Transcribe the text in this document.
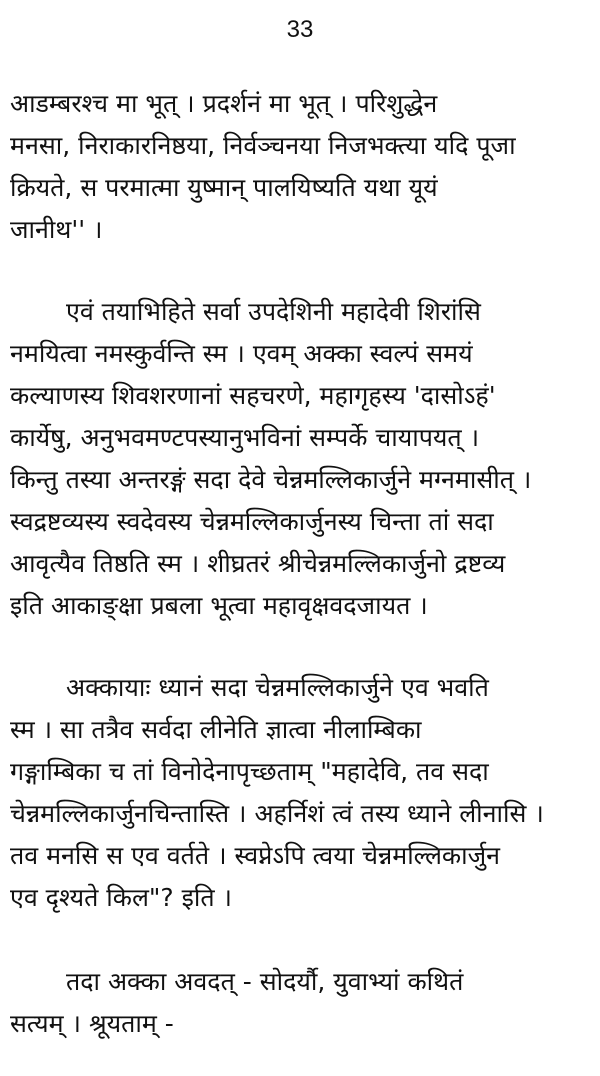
33
आडम्बरश्च मा भूत् । प्रदर्शनं मा भूत् । परिशुद्धेन
मनसा, निराकारनिष्ठया, निर्वञ्चनया निजभक्त्या यदि पूजा
क्रियते, स परमात्मा युष्मान् पालयिष्यति यथा यूयं
जानीथ'' ।
एवं तयाभिहिते सर्वा उपदेशिनी महादेवी शिरांसि
नमयित्वा नमस्कुर्वन्ति स्म । एवम् अक्का स्वल्पं समयं
कल्याणस्य शिवशरणानां सहचरणे, महागृहस्य 'दासोऽहं'
कार्येषु, अनुभवमण्टपस्यानुभविनां सम्पर्के चायापयत् ।
किन्तु तस्या अन्तरङ्गं सदा देवे चेन्नमल्लिकार्जुने मग्नमासीत् ।
स्वद्रष्टव्यस्य स्वदेवस्य चेन्नमल्लिकार्जुनस्य चिन्ता तां सदा
आवृत्यैव तिष्ठति स्म । शीघ्रतरं श्रीचेन्नमल्लिकार्जुनो द्रष्टव्य
इति आकाङ्क्षा प्रबला भूत्वा महावृक्षवदजायत ।
अक्कायाः ध्यानं सदा चेन्नमल्लिकार्जुने एव भवति
स्म । सा तत्रैव सर्वदा लीनेति ज्ञात्वा नीलाम्बिका
गङ्गाम्बिका च तां विनोदेनापृच्छताम् "महादेवि, तव सदा
चेन्नमल्लिकार्जुनचिन्तास्ति । अहर्निशं त्वं तस्य ध्याने लीनासि ।
तव मनसि स एव वर्तते । स्वप्नेऽपि त्वया चेन्नमल्लिकार्जुन
एव दृश्यते किल"? इति ।
तदा अक्का अवदत् - सोदर्यौ, युवाभ्यां कथितं
सत्यम् । श्रूयताम् -
